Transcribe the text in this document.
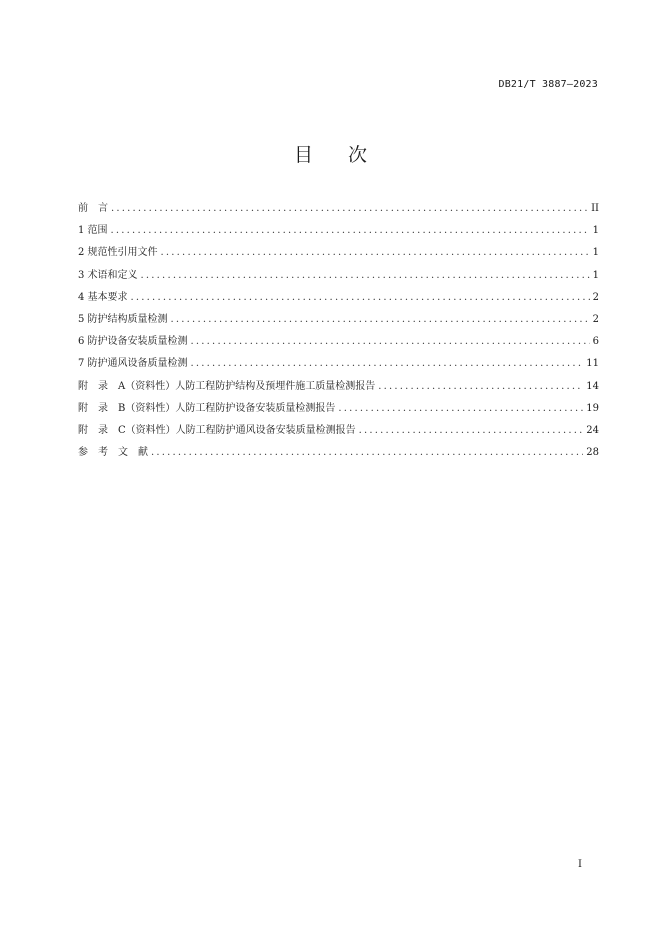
DB21/T 3887—2023
目 次
前　言 .....	II
1 范围 .....	1
2 规范性引用文件 .....	1
3 术语和定义 .....	1
4 基本要求 .....	2
5 防护结构质量检测 .....	2
6 防护设备安装质量检测 .....	6
7 防护通风设备质量检测 .....	11
附　录　A（资料性）人防工程防护结构及预埋件施工质量检测报告 .....	14
附　录　B（资料性）人防工程防护设备安装质量检测报告 .....	19
附　录　C（资料性）人防工程防护通风设备安装质量检测报告 .....	24
参　考　文　献 .....	28
I
